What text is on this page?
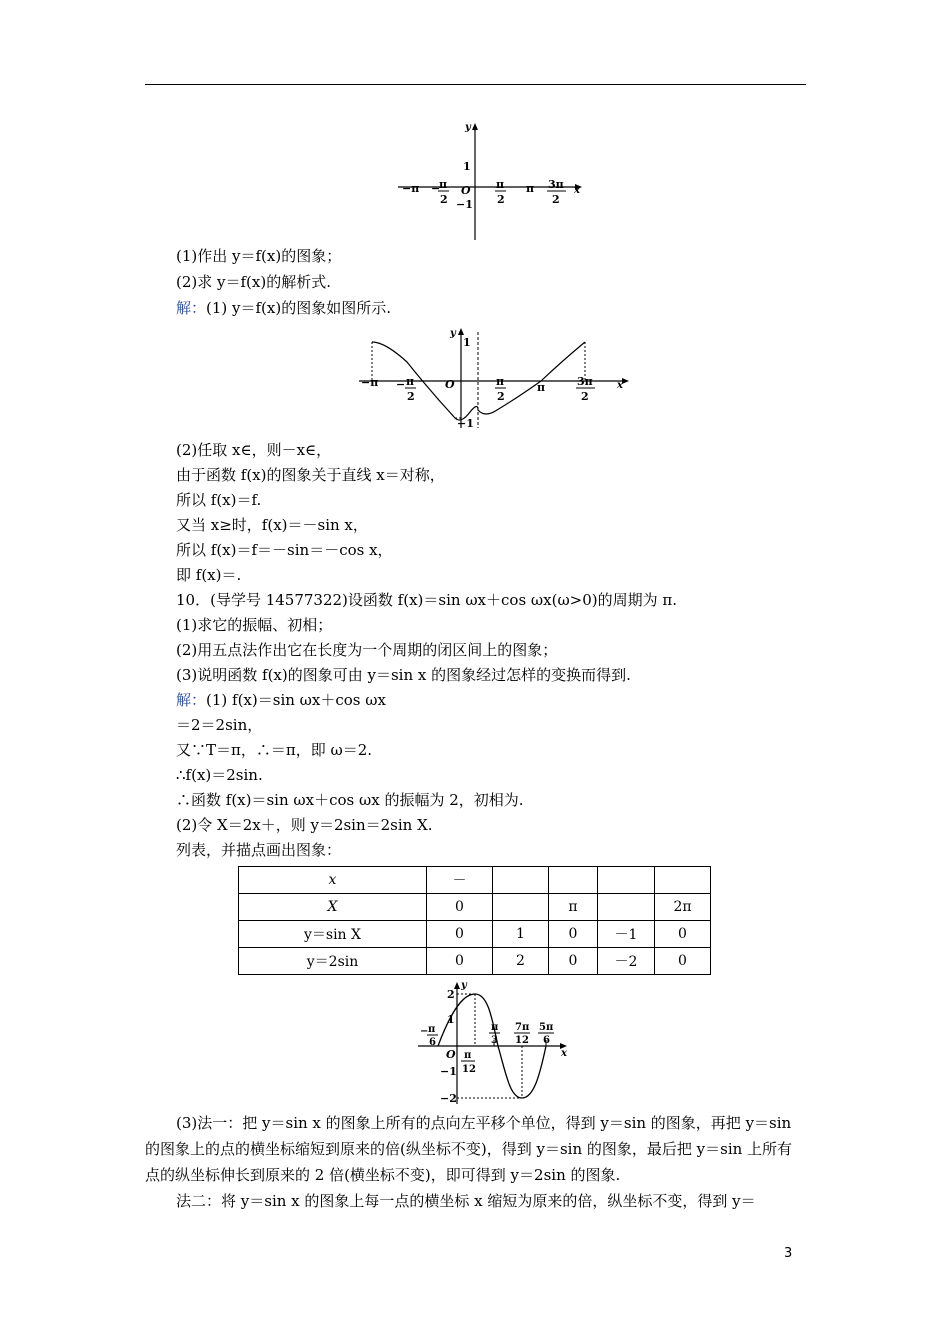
y
x
1
−1
O
−π −
π
2
π
2
π 3π
2
(1)作出 y＝f(x)的图象；
(2)求 y＝f(x)的解析式.
解：(1) y＝f(x)的图象如图所示.
y
1
−1
O	x
−π − π
2
π
2
π	3π
2
(2)任取 x∈，则－x∈，
由于函数 f(x)的图象关于直线 x＝对称，
所以 f(x)＝f.
又当 x≥时，f(x)＝－sin x，
所以 f(x)＝f＝－sin＝－cos x，
即 f(x)＝.
10．(导学号 14577322)设函数 f(x)＝sin ωx＋cos ωx(ω>0)的周期为 π.
(1)求它的振幅、初相；
(2)用五点法作出它在长度为一个周期的闭区间上的图象；
(3)说明函数 f(x)的图象可由 y＝sin x 的图象经过怎样的变换而得到.
解：(1) f(x)＝sin ωx＋cos ωx
＝2＝2sin，
又∵T＝π，∴＝π，即 ω＝2.
∴f(x)＝2sin.
∴函数 f(x)＝sin ωx＋cos ωx 的振幅为 2，初相为.
(2)令 X＝2x＋，则 y＝2sin＝2sin X.
列表，并描点画出图象：
x	－				
X	0		π		2π
y＝sin X	0	1	0	－1	0
y＝2sin	0	2	0	－2	0
y
x
2
1
−1
−2
O
− π
6
π
12
π
3
7π
12
5π
6
(3)法一：把 y＝sin x 的图象上所有的点向左平移个单位，得到 y＝sin 的图象，再把 y＝sin 的图象上的点的横坐标缩短到原来的倍(纵坐标不变)，得到 y＝sin 的图象，最后把 y＝sin 上所有点的纵坐标伸长到原来的 2 倍(横坐标不变)，即可得到 y＝2sin 的图象.
法二：将 y＝sin x 的图象上每一点的横坐标 x 缩短为原来的倍，纵坐标不变，得到 y＝
3
